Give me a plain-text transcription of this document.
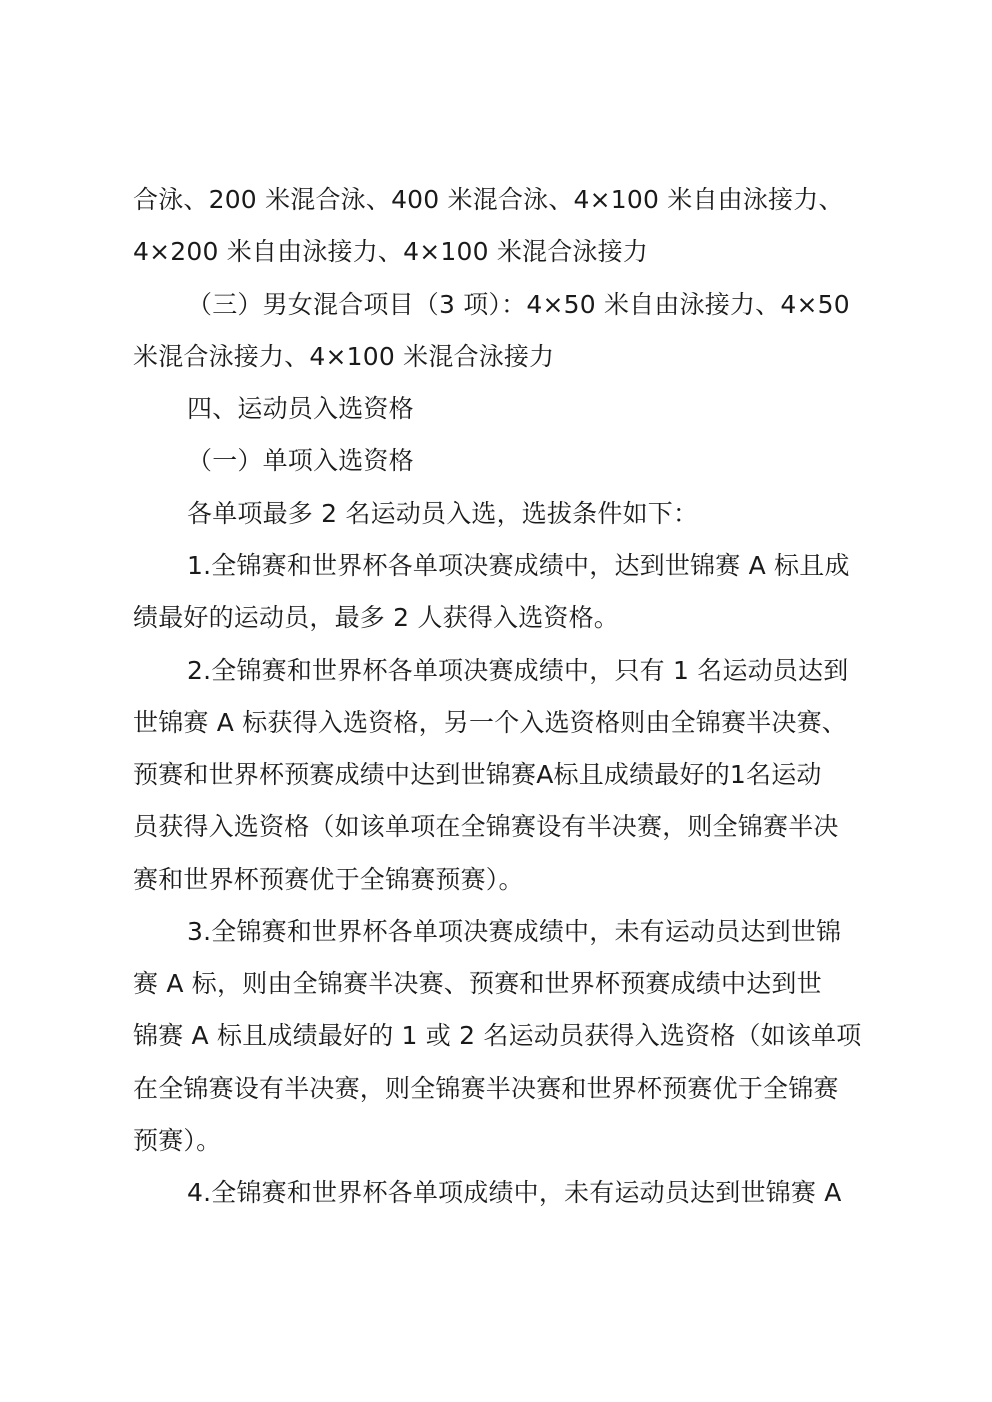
合泳、200 米混合泳、400 米混合泳、4×100 米自由泳接力、
4×200 米自由泳接力、4×100 米混合泳接力
（三）男女混合项目（3 项）：4×50 米自由泳接力、4×50
米混合泳接力、4×100 米混合泳接力
四、运动员入选资格
（一）单项入选资格
各单项最多 2 名运动员入选，选拔条件如下：
1.全锦赛和世界杯各单项决赛成绩中，达到世锦赛 A 标且成
绩最好的运动员，最多 2 人获得入选资格。
2.全锦赛和世界杯各单项决赛成绩中，只有 1 名运动员达到
世锦赛 A 标获得入选资格，另一个入选资格则由全锦赛半决赛、
预赛和世界杯预赛成绩中达到世锦赛A标且成绩最好的1名运动
员获得入选资格（如该单项在全锦赛设有半决赛，则全锦赛半决
赛和世界杯预赛优于全锦赛预赛）。
3.全锦赛和世界杯各单项决赛成绩中，未有运动员达到世锦
赛 A 标，则由全锦赛半决赛、预赛和世界杯预赛成绩中达到世
锦赛 A 标且成绩最好的 1 或 2 名运动员获得入选资格（如该单项
在全锦赛设有半决赛，则全锦赛半决赛和世界杯预赛优于全锦赛
预赛）。
4.全锦赛和世界杯各单项成绩中，未有运动员达到世锦赛 A
